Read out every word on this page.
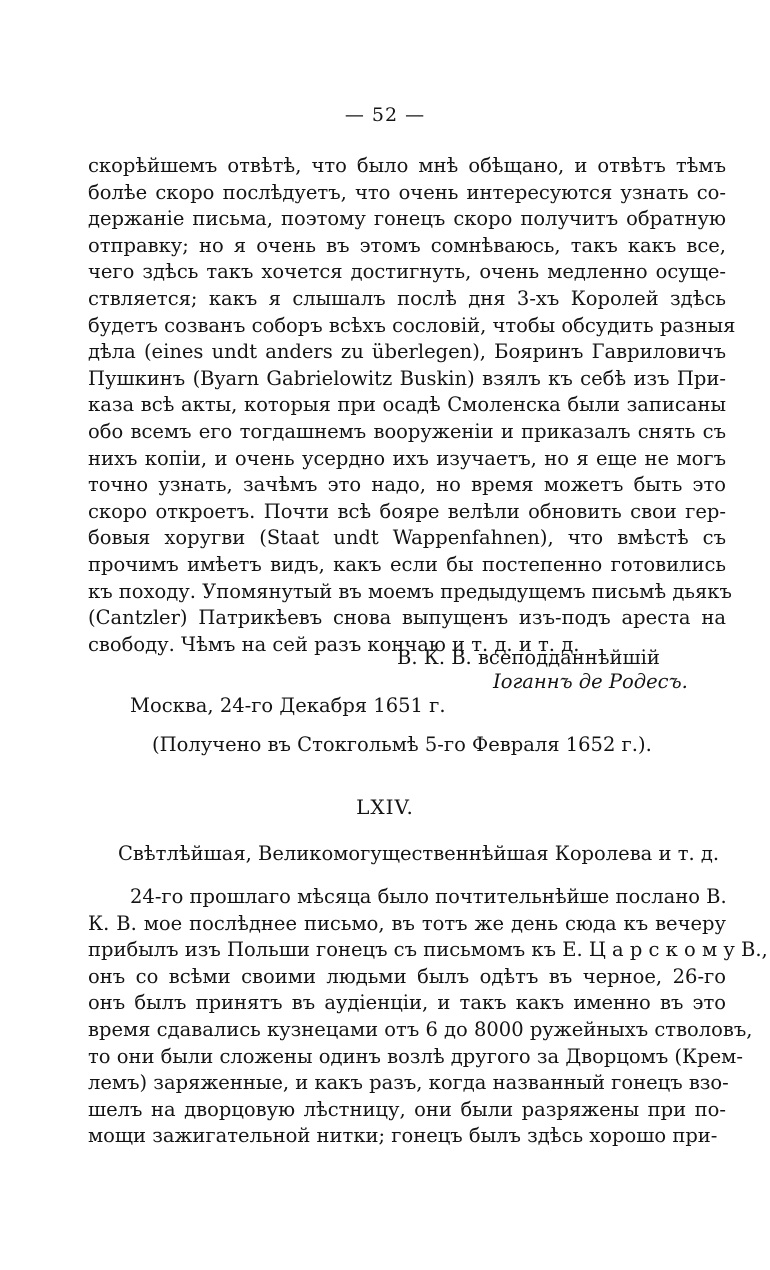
— 52 —
скорѣйшемъ отвѣтѣ, что было мнѣ обѣщано, и отвѣтъ тѣмъ
болѣе скоро послѣдуетъ, что очень интересуются узнать со-
держаніе письма, поэтому гонецъ скоро получитъ обратную
отправку; но я очень въ этомъ сомнѣваюсь, такъ какъ все,
чего здѣсь такъ хочется достигнуть, очень медленно осуще-
ствляется; какъ я слышалъ послѣ дня 3-хъ Королей здѣсь
будетъ созванъ соборъ всѣхъ сословій, чтобы обсудить разныя
дѣла (eines undt anders zu überlegen), Бояринъ Гавриловичъ
Пушкинъ (Byarn Gabrielowitz Buskin) взялъ къ себѣ изъ При-
каза всѣ акты, которыя при осадѣ Смоленска были записаны
обо всемъ его тогдашнемъ вооруженіи и приказалъ снять съ
нихъ копіи, и очень усердно ихъ изучаетъ, но я еще не могъ
точно узнать, зачѣмъ это надо, но время можетъ быть это
скоро откроетъ. Почти всѣ бояре велѣли обновить свои гер-
бовыя хоругви (Staat undt Wappenfahnen), что вмѣстѣ съ
прочимъ имѣетъ видъ, какъ если бы постепенно готовились
къ походу. Упомянутый въ моемъ предыдущемъ письмѣ дьякъ
(Cantzler) Патрикѣевъ снова выпущенъ изъ-подъ ареста на
свободу. Чѣмъ на сей разъ кончаю и т. д. и т. д.
В. К. В. всеподданнѣйшій
Іоганнъ де Родесъ.
Москва, 24-го Декабря 1651 г.
(Получено въ Стокгольмѣ 5-го Февраля 1652 г.).
LXIV.
Свѣтлѣйшая, Великомогущественнѣйшая Королева и т. д.
24-го прошлаго мѣсяца было почтительнѣйше послано В.
К. В. мое послѣднее письмо, въ тотъ же день сюда къ вечеру
прибылъ изъ Польши гонецъ съ письмомъ къ Е. Ц а р с к о м у В.,
онъ со всѣми своими людьми былъ одѣтъ въ черное, 26-го
онъ былъ принятъ въ аудіенціи, и такъ какъ именно въ это
время сдавались кузнецами отъ 6 до 8000 ружейныхъ стволовъ,
то они были сложены одинъ возлѣ другого за Дворцомъ (Крем-
лемъ) заряженные, и какъ разъ, когда названный гонецъ взо-
шелъ на дворцовую лѣстницу, они были разряжены при по-
мощи зажигательной нитки; гонецъ былъ здѣсь хорошо при-
